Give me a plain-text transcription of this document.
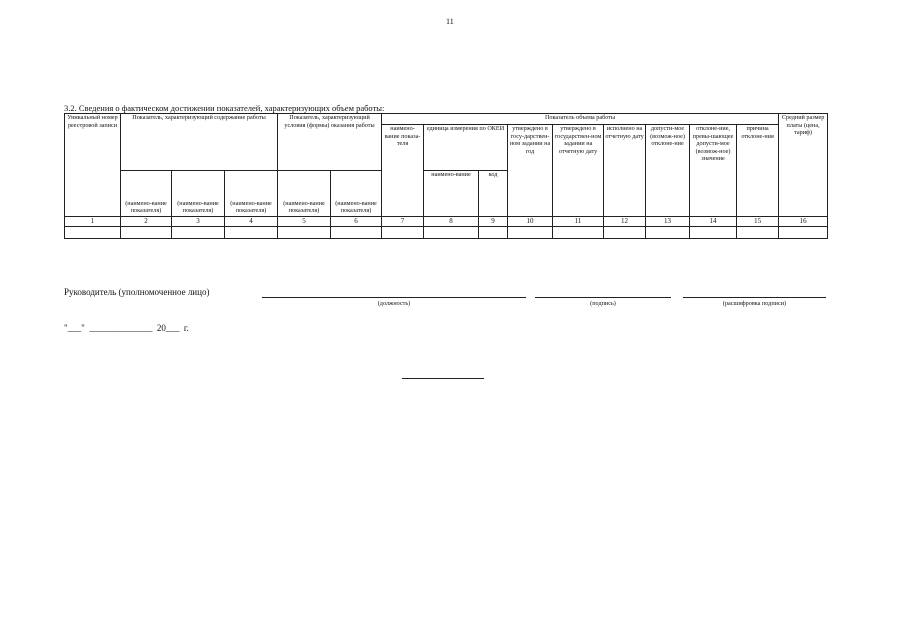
11
3.2. Сведения о фактическом достижении показателей, характеризующих объем работы:
Уникальный номер реестровой записи	Показатель, характеризующий содержание работы			Показатель, характеризующий условия (формы) оказания работы		Показатель объема работы									Средний размер платы (цена, тариф)
						наимено-вание показа-теля	единица измерения по ОКЕИ		утверждено в госу-дарствен-ном задании на год	утверждено в государствен-ном задании на отчетную дату	исполнено на отчетную дату	допусти-мое (возмож-ное) отклоне-ние	отклоне-ние, превы-шающее допусти-мое (возмож-ное) значение	причина отклоне-ния	
	(наимено-вание показателя)	(наимено-вание показателя)	(наимено-вание показателя)	(наимено-вание показателя)	(наимено-вание показателя)		наимено-вание	код							
1	2	3	4	5	6	7	8	9	10	11	12	13	14	15	16

Руководитель (уполномоченное лицо)
(должность)	(подпись)	(расшифровка подписи)
"___"  ______________  20___  г.
